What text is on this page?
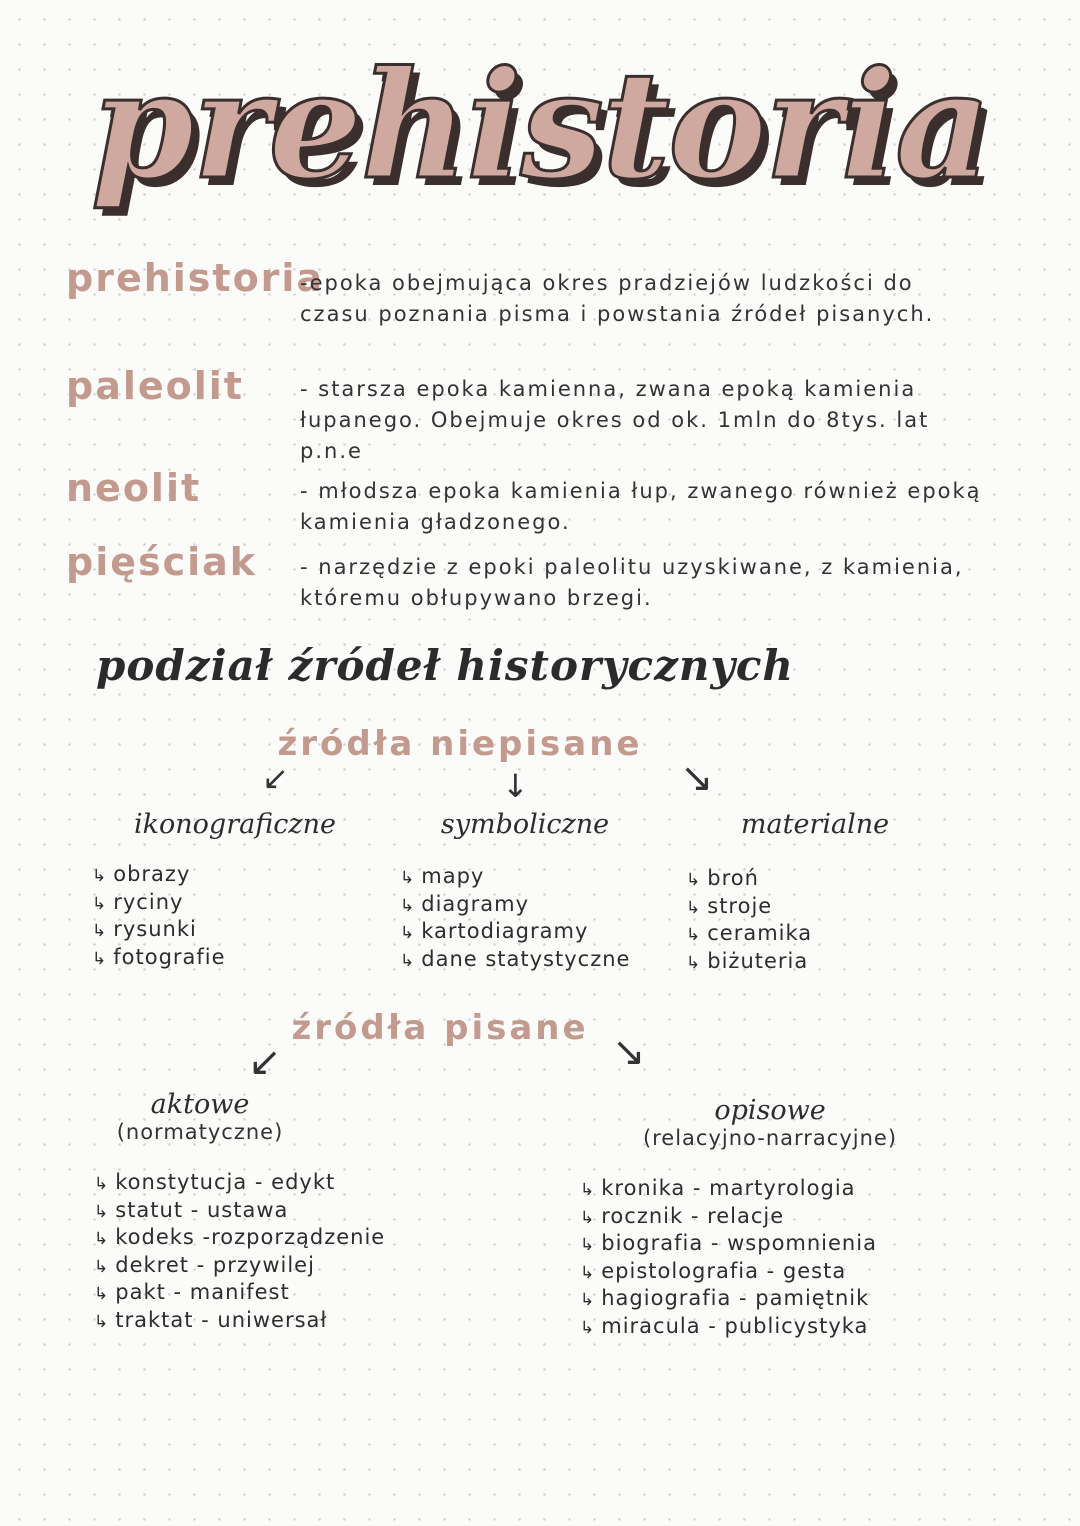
prehistoria
prehistoria
-epoka obejmująca okres pradziejów ludzkości do czasu poznania pisma i powstania źródeł pisanych.
paleolit	- starsza epoka kamienna, zwana epoką kamienia łupanego. Obejmuje okres od ok. 1mln do 8tys. lat p.n.e
neolit	- młodsza epoka kamienia łup, zwanego również epoką kamienia gładzonego.
pięściak	- narzędzie z epoki paleolitu uzyskiwane, z kamienia, któremu obłupywano brzegi.
podział źródeł historycznych
źródła niepisane
↙	↓	↘
ikonograficzne	symboliczne	materialne
↳ obrazy
↳ ryciny
↳ rysunki
↳ fotografie
↳ mapy
↳ diagramy
↳ kartodiagramy
↳ dane statystyczne
↳ broń
↳ stroje
↳ ceramika
↳ biżuteria
źródła pisane
↙	↘
aktowe
(normatyczne)
opisowe
(relacyjno-narracyjne)
↳ konstytucja - edykt
↳ statut - ustawa
↳ kodeks -rozporządzenie
↳ dekret - przywilej
↳ pakt - manifest
↳ traktat - uniwersał
↳ kronika - martyrologia
↳ rocznik - relacje
↳ biografia - wspomnienia
↳ epistolografia - gesta
↳ hagiografia - pamiętnik
↳ miracula - publicystyka
